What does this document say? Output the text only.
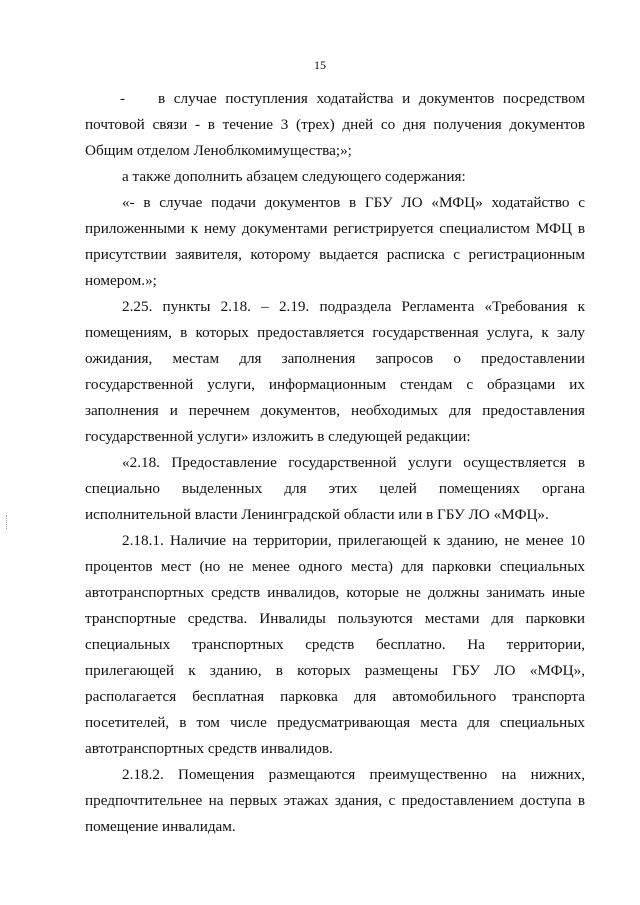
15

- в случае поступления ходатайства и документов посредством почтовой связи - в течение 3 (трех) дней со дня получения документов Общим отделом Леноблкомимущества;»;

а также дополнить абзацем следующего содержания:

«- в случае подачи документов в ГБУ ЛО «МФЦ» ходатайство с приложенными к нему документами регистрируется специалистом МФЦ в присутствии заявителя, которому выдается расписка с регистрационным номером.»;

2.25. пункты 2.18. – 2.19. подраздела Регламента «Требования к помещениям, в которых предоставляется государственная услуга, к залу ожидания, местам для заполнения запросов о предоставлении государственной услуги, информационным стендам с образцами их заполнения и перечнем документов, необходимых для предоставления государственной услуги» изложить в следующей редакции:

«2.18. Предоставление государственной услуги осуществляется в специально выделенных для этих целей помещениях органа исполнительной власти Ленинградской области или в ГБУ ЛО «МФЦ».

2.18.1. Наличие на территории, прилегающей к зданию, не менее 10 процентов мест (но не менее одного места) для парковки специальных автотранспортных средств инвалидов, которые не должны занимать иные транспортные средства. Инвалиды пользуются местами для парковки специальных транспортных средств бесплатно. На территории, прилегающей к зданию, в которых размещены ГБУ ЛО «МФЦ», располагается бесплатная парковка для автомобильного транспорта посетителей, в том числе предусматривающая места для специальных автотранспортных средств инвалидов.

2.18.2. Помещения размещаются преимущественно на нижних, предпочтительнее на первых этажах здания, с предоставлением доступа в помещение инвалидам.
